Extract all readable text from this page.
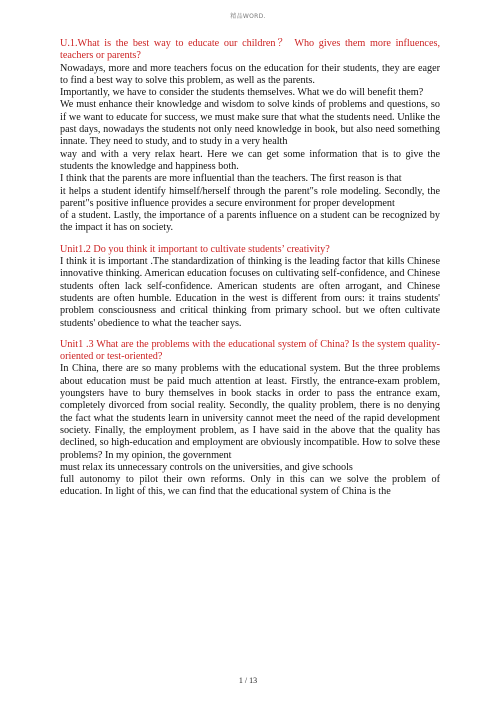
精品WORD.

U.1.What is the best way to educate our children？ Who gives them more influences, teachers or parents?

Nowadays, more and more teachers focus on the education for their students, they are eager to find a best way to solve this problem, as well as the parents.

Importantly, we have to consider the students themselves. What we do will benefit them?

We must enhance their knowledge and wisdom to solve kinds of problems and questions, so if we want to educate for success, we must make sure that what the students need. Unlike the past days, nowadays the students not only need knowledge in book, but also need something innate. They need to study, and to study in a very health

way and with a very relax heart. Here we can get some information that is to give the students the knowledge and happiness both.

I think that the parents are more influential than the teachers. The first reason is that

it helps a student identify himself/herself through the parent"s role modeling. Secondly, the parent"s positive influence provides a secure environment for proper development

of a student. Lastly, the importance of a parents influence on a student can be recognized by the impact it has on society.

Unit1.2 Do you think it important to cultivate students’ creativity?

I think it is important .The standardization of thinking is the leading factor that kills Chinese innovative thinking. American education focuses on cultivating self-confidence, and Chinese students often lack self-confidence. American students are often arrogant, and Chinese students are often humble. Education in the west is different from ours: it trains students' problem consciousness and critical thinking from primary school. but we often cultivate students' obedience to what the teacher says.

Unit1 .3 What are the problems with the educational system of China? Is the system quality-oriented or test-oriented?

In China, there are so many problems with the educational system. But the three problems about education must be paid much attention at least. Firstly, the entrance-exam problem, youngsters have to bury themselves in book stacks in order to pass the entrance exam, completely divorced from social reality. Secondly, the quality problem, there is no denying the fact what the students learn in university cannot meet the need of the rapid development society. Finally, the employment problem, as I have said in the above that the quality has declined, so high-education and employment are obviously incompatible. How to solve these problems? In my opinion, the government

must relax its unnecessary controls on the universities, and give schools

full autonomy to pilot their own reforms. Only in this can we solve the problem of education. In light of this, we can find that the educational system of China is the

1 / 13
